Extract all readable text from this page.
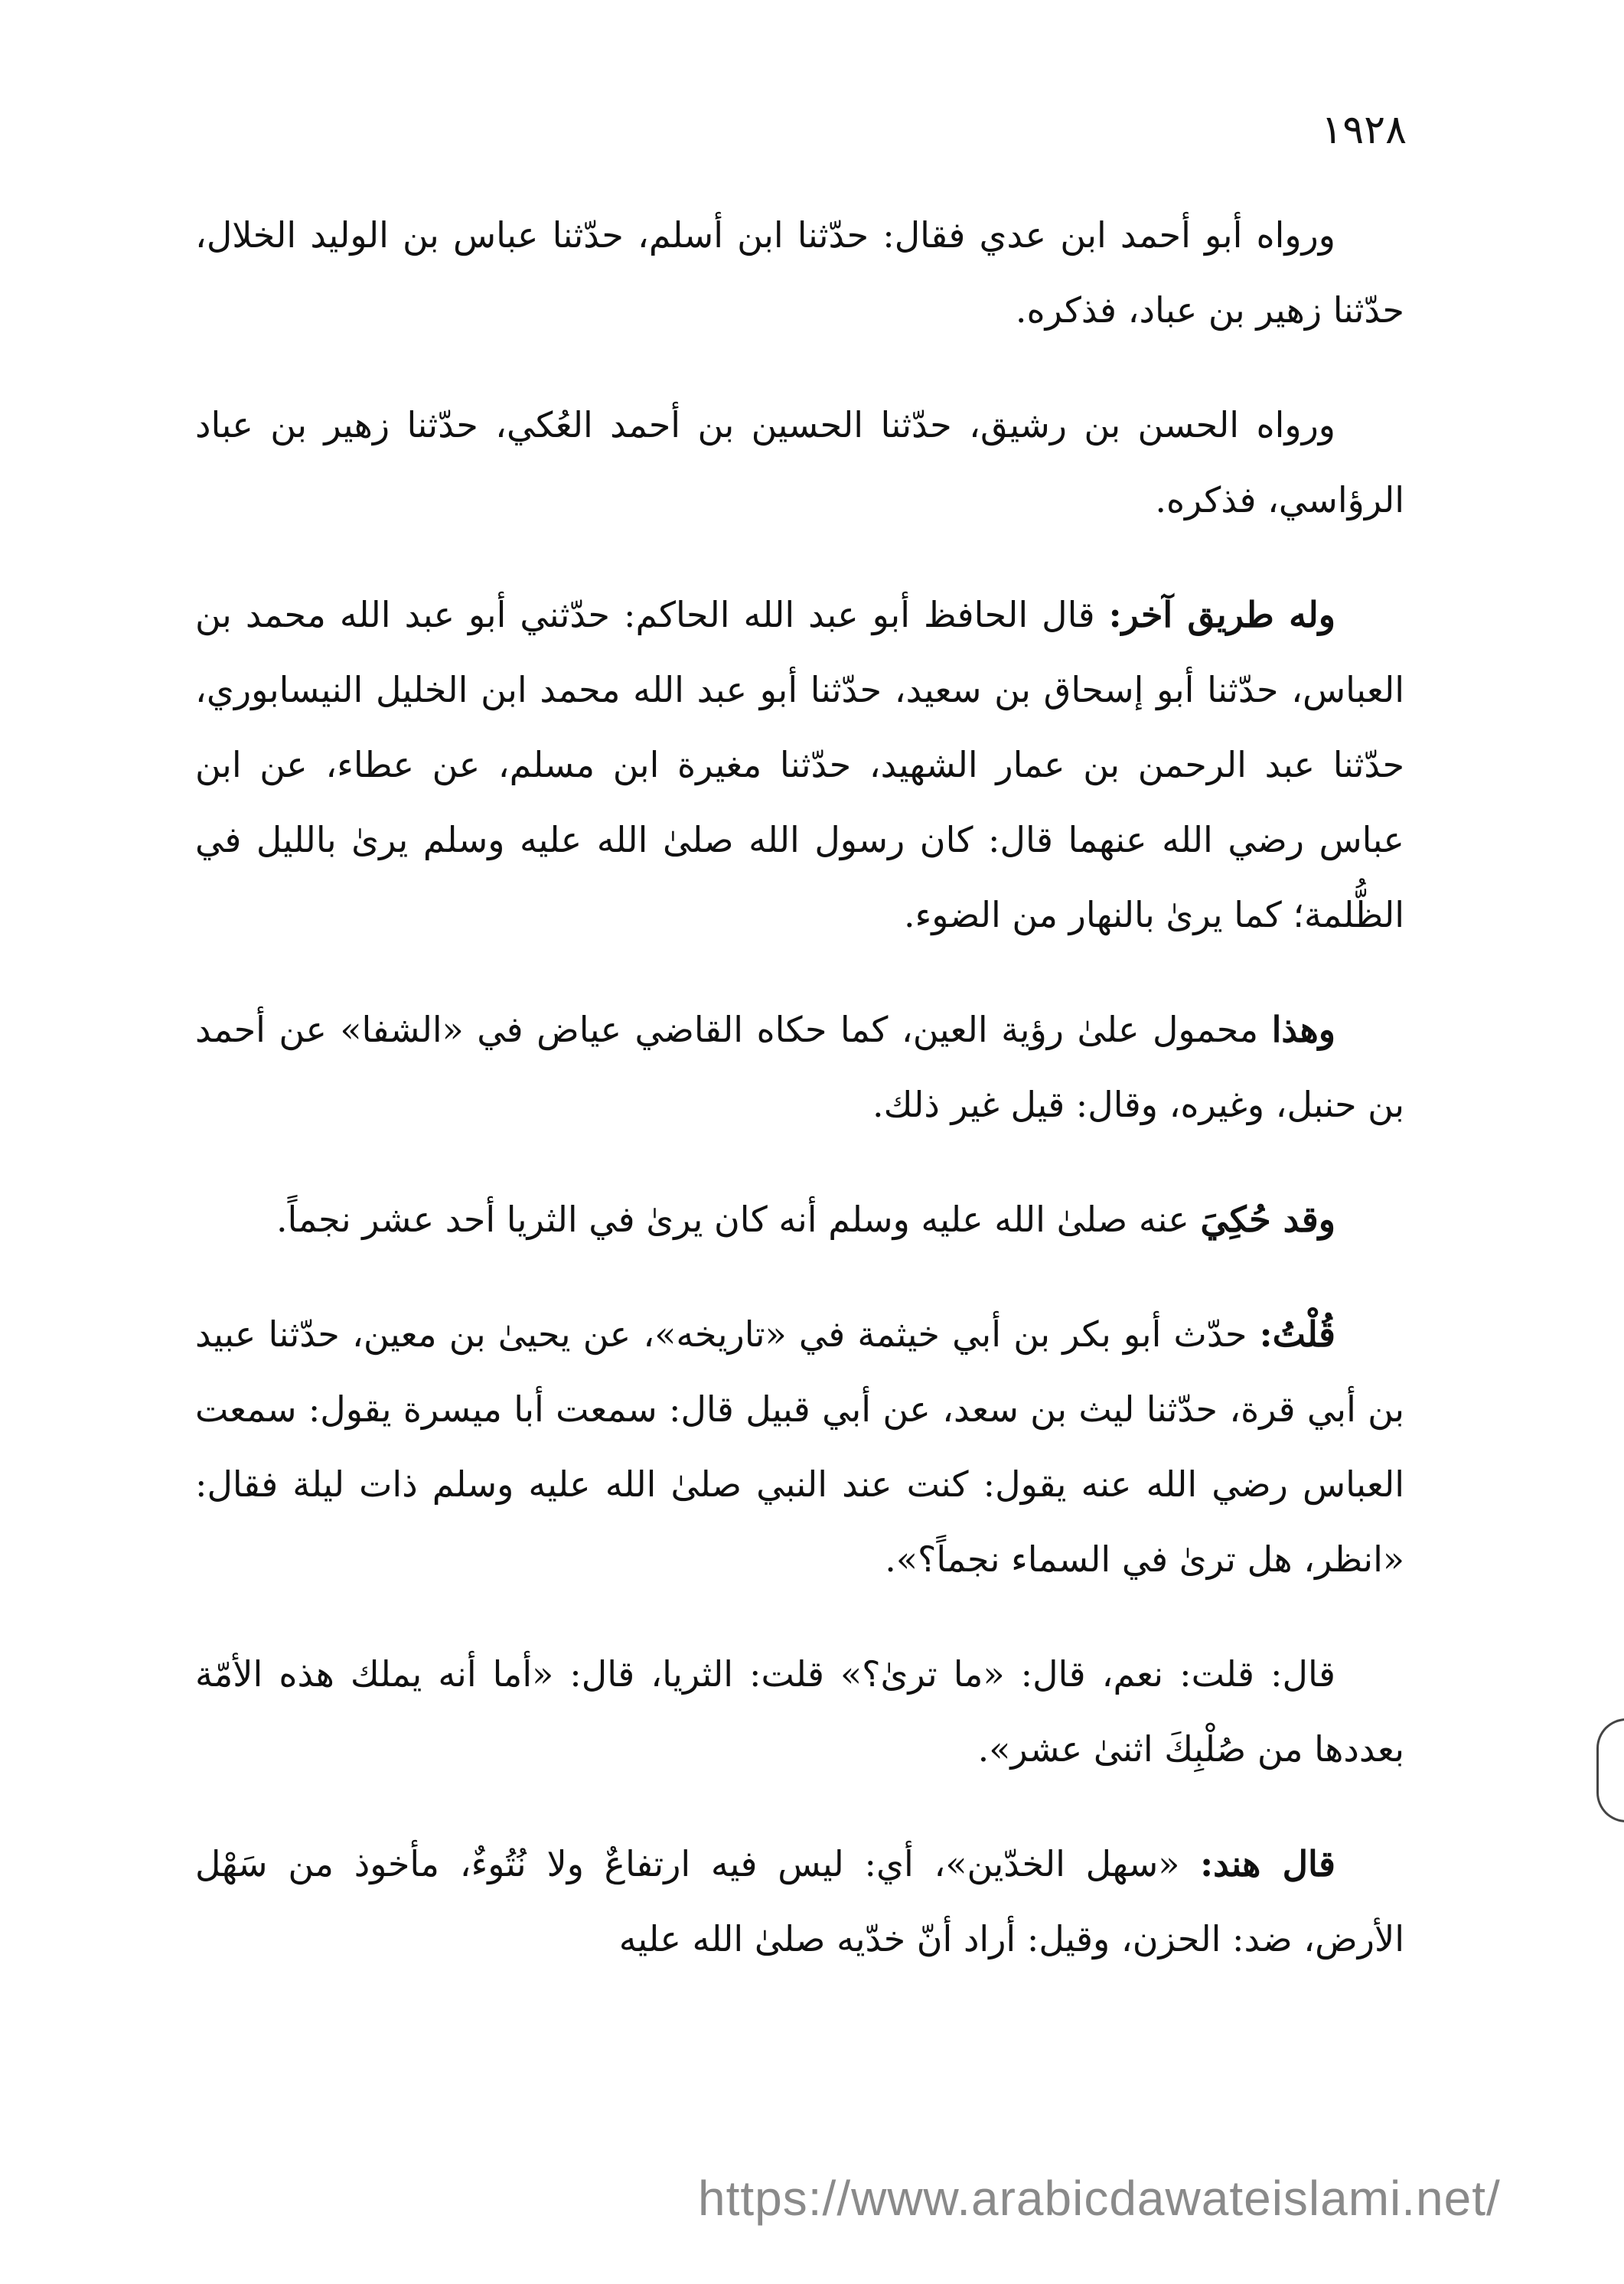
١٩٢٨

ورواه أبو أحمد ابن عدي فقال: حدّثنا ابن أسلم، حدّثنا عباس بن الوليد الخلال، حدّثنا زهير بن عباد، فذكره.

ورواه الحسن بن رشيق، حدّثنا الحسين بن أحمد العُكي، حدّثنا زهير بن عباد الرؤاسي، فذكره.

وله طريق آخر: قال الحافظ أبو عبد الله الحاكم: حدّثني أبو عبد الله محمد بن العباس، حدّثنا أبو إسحاق بن سعيد، حدّثنا أبو عبد الله محمد ابن الخليل النيسابوري، حدّثنا عبد الرحمن بن عمار الشهيد، حدّثنا مغيرة ابن مسلم، عن عطاء، عن ابن عباس رضي الله عنهما قال: كان رسول الله صلىٰ الله عليه وسلم يرىٰ بالليل في الظُّلمة؛ كما يرىٰ بالنهار من الضوء.

وهذا محمول علىٰ رؤية العين، كما حكاه القاضي عياض في «الشفا» عن أحمد بن حنبل، وغيره، وقال: قيل غير ذلك.

وقد حُكِيَ عنه صلىٰ الله عليه وسلم أنه كان يرىٰ في الثريا أحد عشر نجماً.

قُلْتُ: حدّث أبو بكر بن أبي خيثمة في «تاريخه»، عن يحيىٰ بن معين، حدّثنا عبيد بن أبي قرة، حدّثنا ليث بن سعد، عن أبي قبيل قال: سمعت أبا ميسرة يقول: سمعت العباس رضي الله عنه يقول: كنت عند النبي صلىٰ الله عليه وسلم ذات ليلة فقال: «انظر، هل ترىٰ في السماء نجماً؟».

قال: قلت: نعم، قال: «ما ترىٰ؟» قلت: الثريا، قال: «أما أنه يملك هذه الأمّة بعددها من صُلْبِكَ اثنىٰ عشر».

قال هند: «سهل الخدّين»، أي: ليس فيه ارتفاعٌ ولا نُتُوءٌ، مأخوذ من سَهْل الأرض، ضد: الحزن، وقيل: أراد أنّ خدّيه صلىٰ الله عليه

https://www.arabicdawateislami.net/
